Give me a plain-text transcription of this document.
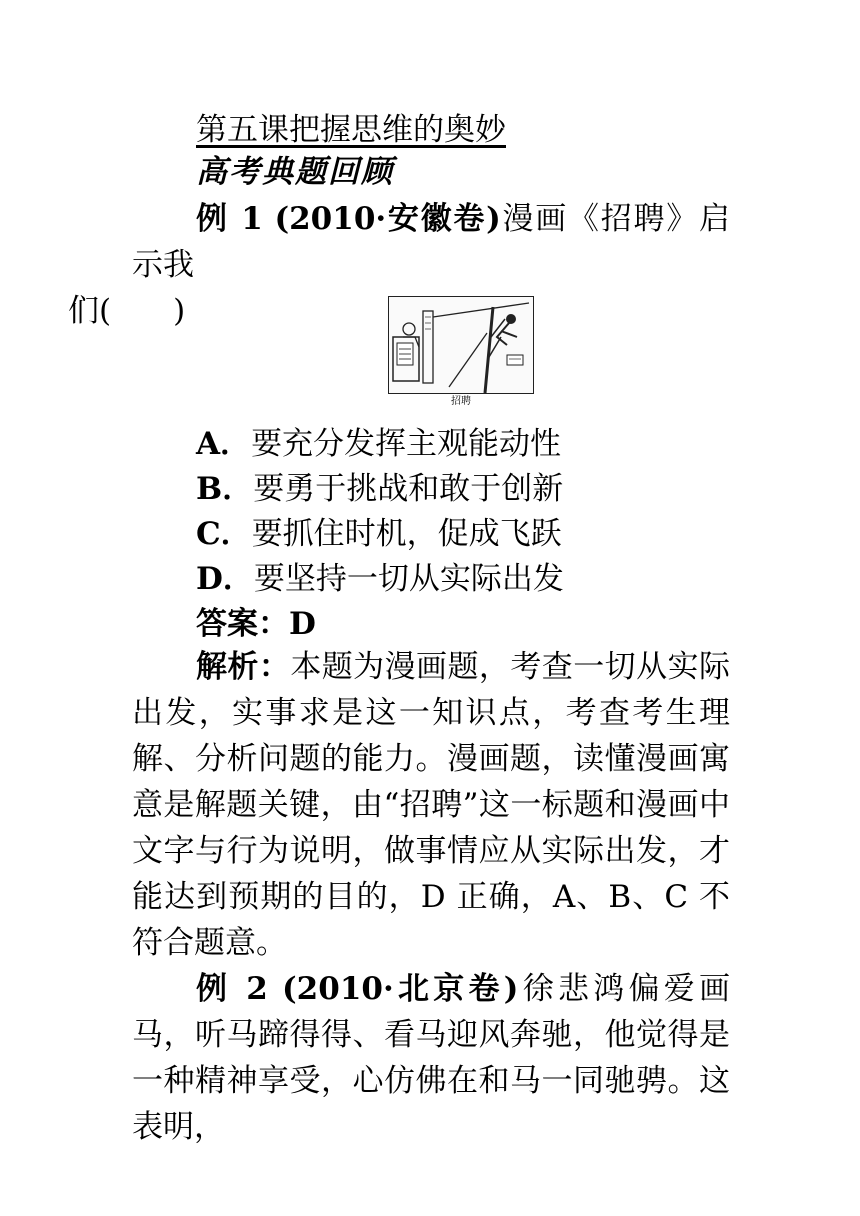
第五课把握思维的奥妙
高考典题回顾
例 1 (2010·安徽卷)漫画《招聘》启示我
们(　　)
招聘
A．要充分发挥主观能动性
B．要勇于挑战和敢于创新
C．要抓住时机，促成飞跃
D．要坚持一切从实际出发
答案：D
解析：本题为漫画题，考查一切从实际出发，实事求是这一知识点，考查考生理解、分析问题的能力。漫画题，读懂漫画寓意是解题关键，由“招聘”这一标题和漫画中文字与行为说明，做事情应从实际出发，才能达到预期的目的，D 正确，A、B、C 不符合题意。
例 2 (2010·北京卷)徐悲鸿偏爱画马，听马蹄得得、看马迎风奔驰，他觉得是一种精神享受，心仿佛在和马一同驰骋。这表明，
